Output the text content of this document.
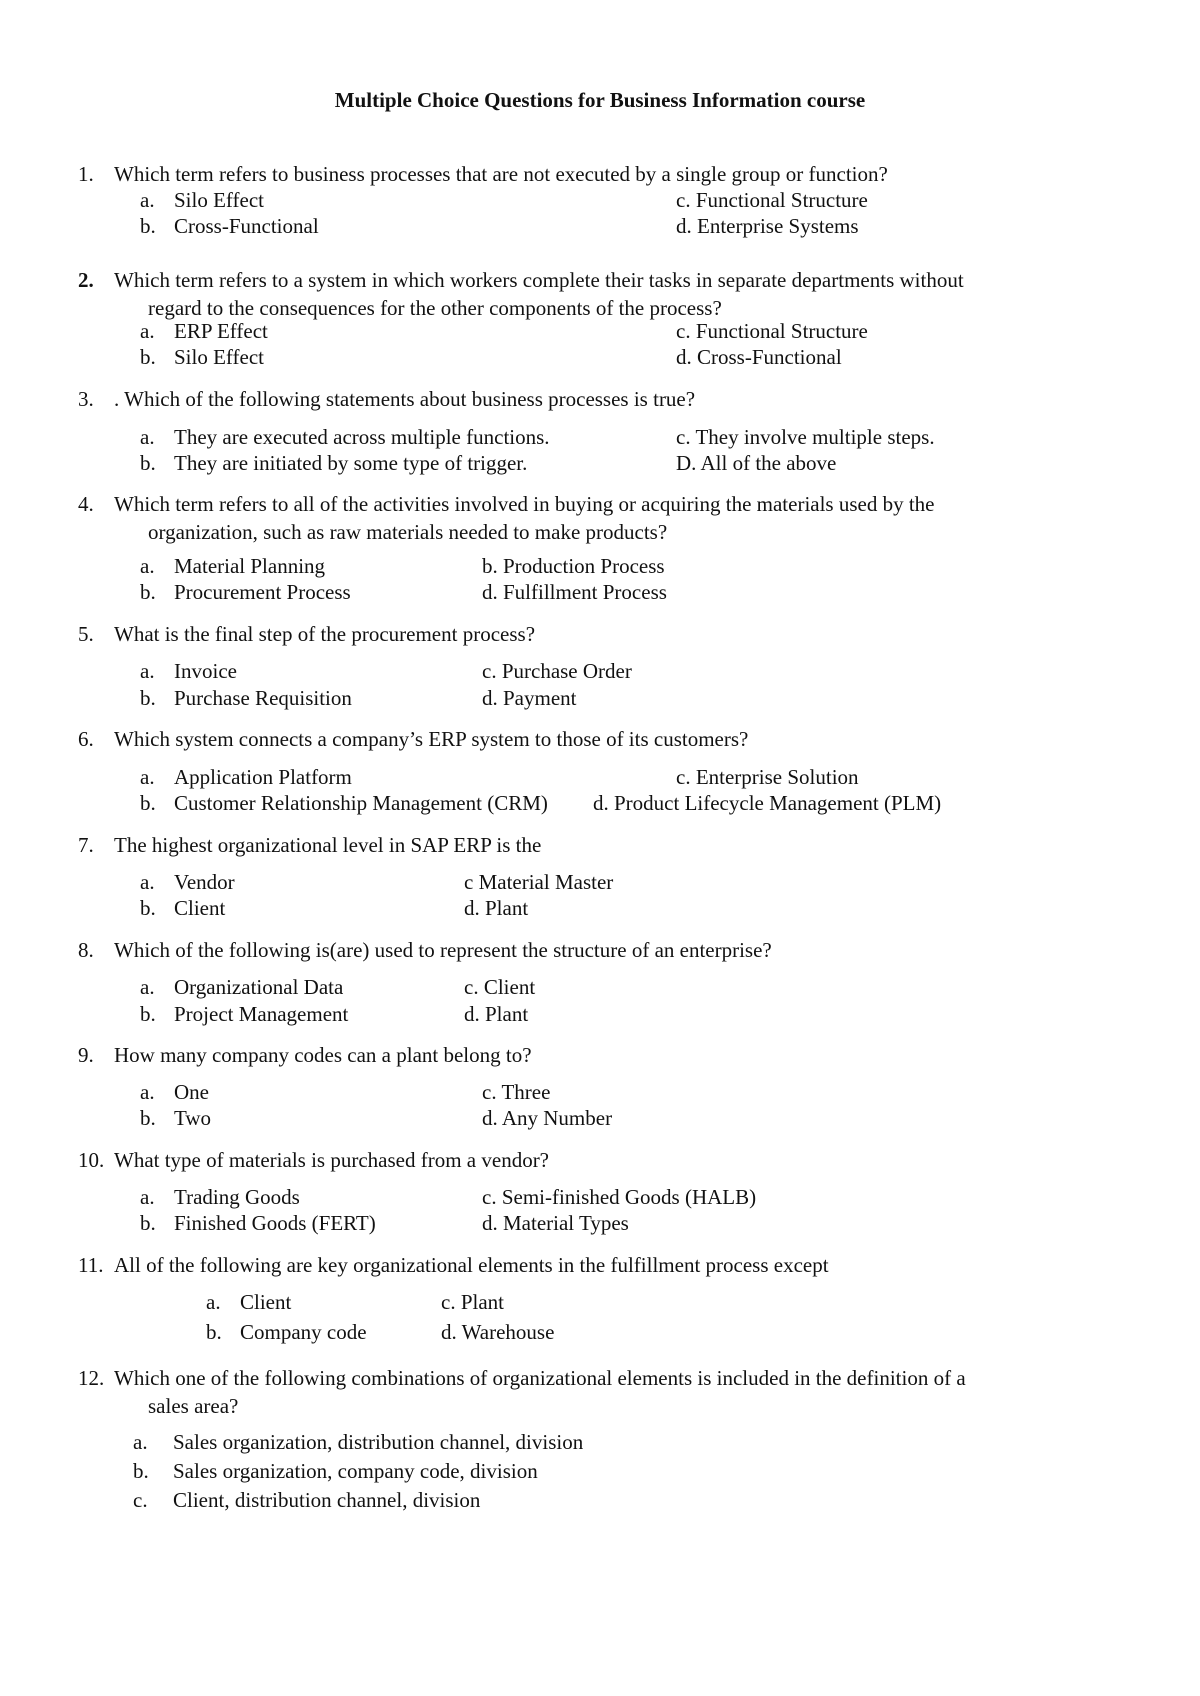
Multiple Choice Questions for Business Information course
1. Which term refers to business processes that are not executed by a single group or function?
a. Silo Effect	c. Functional Structure
b. Cross-Functional	d. Enterprise Systems
2. Which term refers to a system in which workers complete their tasks in separate departments without
regard to the consequences for the other components of the process?
a. ERP Effect	c. Functional Structure
b. Silo Effect	d. Cross-Functional
3. . Which of the following statements about business processes is true?
a. They are executed across multiple functions.	c. They involve multiple steps.
b. They are initiated by some type of trigger.	D. All of the above
4. Which term refers to all of the activities involved in buying or acquiring the materials used by the
organization, such as raw materials needed to make products?
a. Material Planning	b. Production Process
b. Procurement Process	d. Fulfillment Process
5. What is the final step of the procurement process?
a. Invoice	c. Purchase Order
b. Purchase Requisition	d. Payment
6. Which system connects a company’s ERP system to those of its customers?
a. Application Platform	c. Enterprise Solution
b. Customer Relationship Management (CRM) d. Product Lifecycle Management (PLM)
7. The highest organizational level in SAP ERP is the
a. Vendor	c Material Master
b. Client	d. Plant
8. Which of the following is(are) used to represent the structure of an enterprise?
a. Organizational Data	c. Client
b. Project Management	d. Plant
9. How many company codes can a plant belong to?
a. One	c. Three
b. Two	d. Any Number
10. What type of materials is purchased from a vendor?
a. Trading Goods	c. Semi-finished Goods (HALB)
b. Finished Goods (FERT)	d. Material Types
11. All of the following are key organizational elements in the fulfillment process except
a. Client	c. Plant
b. Company code	d. Warehouse
12. Which one of the following combinations of organizational elements is included in the definition of a
sales area?
a. Sales organization, distribution channel, division
b. Sales organization, company code, division
c. Client, distribution channel, division
